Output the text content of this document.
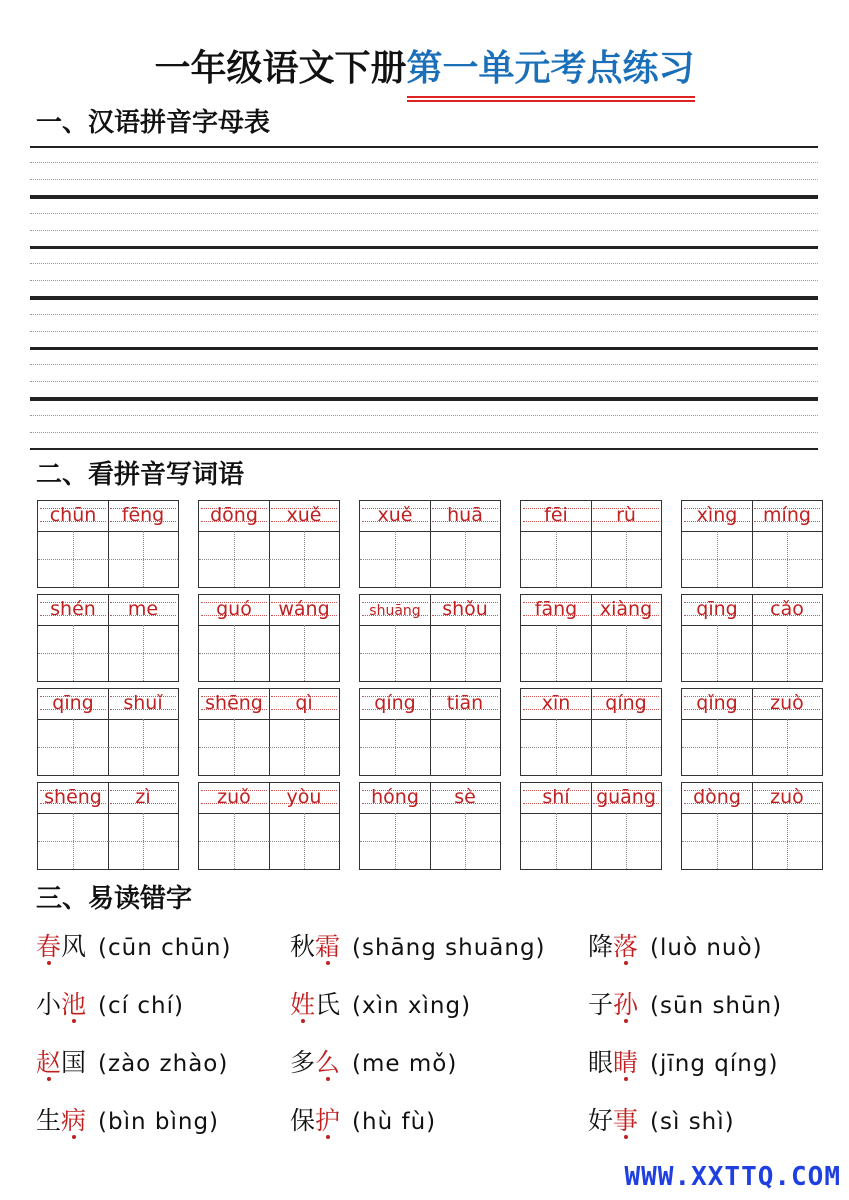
一年级语文下册第一单元考点练习
一、汉语拼音字母表
二、看拼音写词语
chūn	fēng	dōng	xuě	xuě	huā	fēi	rù	xìng	míng
shén	me	guó	wáng	shuāng	shǒu	fāng	xiàng	qīng	cǎo
qīng	shuǐ	shēng	qì	qíng	tiān	xīn	qíng	qǐng	zuò
shēng	zì	zuǒ	yòu	hóng	sè	shí	guāng	dòng	zuò
三、易读错字
春风 (cūn chūn) 秋霜 (shāng shuāng) 降落 (luò nuò)
小池 (cí chí)	姓氏 (xìn xìng)	子孙 (sūn shūn)
赵国 (zào zhào) 多么 (me mǒ)	眼睛 (jīng qíng)
生病 (bìn bìng)	保护 (hù fù)	好事 (sì shì)
WWW.XXTTQ.COM
